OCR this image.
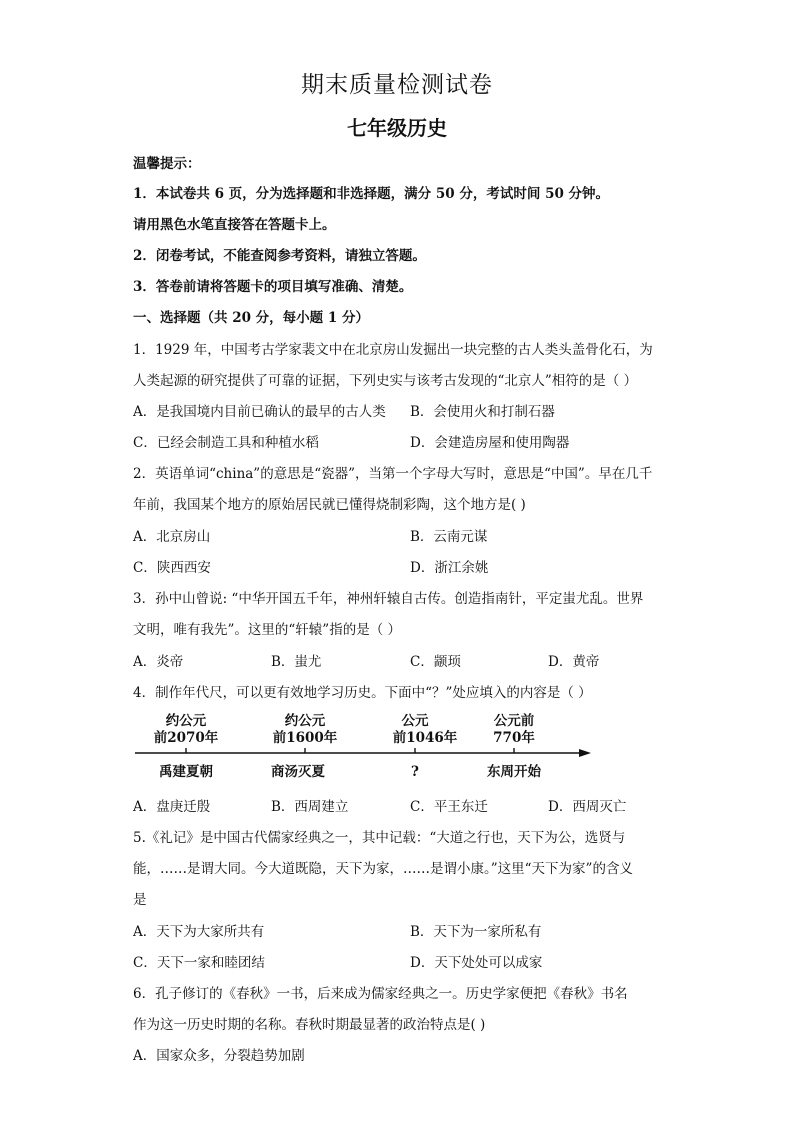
期末质量检测试卷
七年级历史
温馨提示：
1．本试卷共 6 页，分为选择题和非选择题，满分 50 分，考试时间 50 分钟。
请用黑色水笔直接答在答题卡上。
2．闭卷考试，不能查阅参考资料，请独立答题。
3．答卷前请将答题卡的项目填写准确、清楚。
一、选择题（共 20 分，每小题 1 分）
1．1929 年，中国考古学家裴文中在北京房山发掘出一块完整的古人类头盖骨化石，为
人类起源的研究提供了可靠的证据，下列史实与该考古发现的“北京人”相符的是（ ）
A．是我国境内目前已确认的最早的古人类 B．会使用火和打制石器
C．已经会制造工具和种植水稻	D．会建造房屋和使用陶器
2．英语单词“china”的意思是“瓷器”，当第一个字母大写时，意思是“中国”。早在几千
年前，我国某个地方的原始居民就已懂得烧制彩陶，这个地方是( )
A．北京房山	B．云南元谋
C．陕西西安	D．浙江余姚
3．孙中山曾说: “中华开国五千年，神州轩辕自古传。创造指南针，平定蚩尤乱。世界
文明，唯有我先”。这里的“轩辕”指的是（ ）
A．炎帝	B．蚩尤	C．颛顼	D．黄帝
4．制作年代尺，可以更有效地学习历史。下面中“？”处应填入的内容是（ ）
约公元
前2070年
禹建夏朝
约公元
前1600年
商汤灭夏
公元
前1046年
?
公元前
770年
东周开始
A．盘庚迁殷	B．西周建立	C．平王东迁	D．西周灭亡
5.《礼记》是中国古代儒家经典之一，其中记载：“大道之行也，天下为公，选贤与
能，……是谓大同。今大道既隐，天下为家，……是谓小康。”这里“天下为家”的含义
是
A．天下为大家所共有	B．天下为一家所私有
C．天下一家和睦团结	D．天下处处可以成家
6．孔子修订的《春秋》一书，后来成为儒家经典之一。历史学家便把《春秋》书名
作为这一历史时期的名称。春秋时期最显著的政治特点是( )
A．国家众多，分裂趋势加剧
